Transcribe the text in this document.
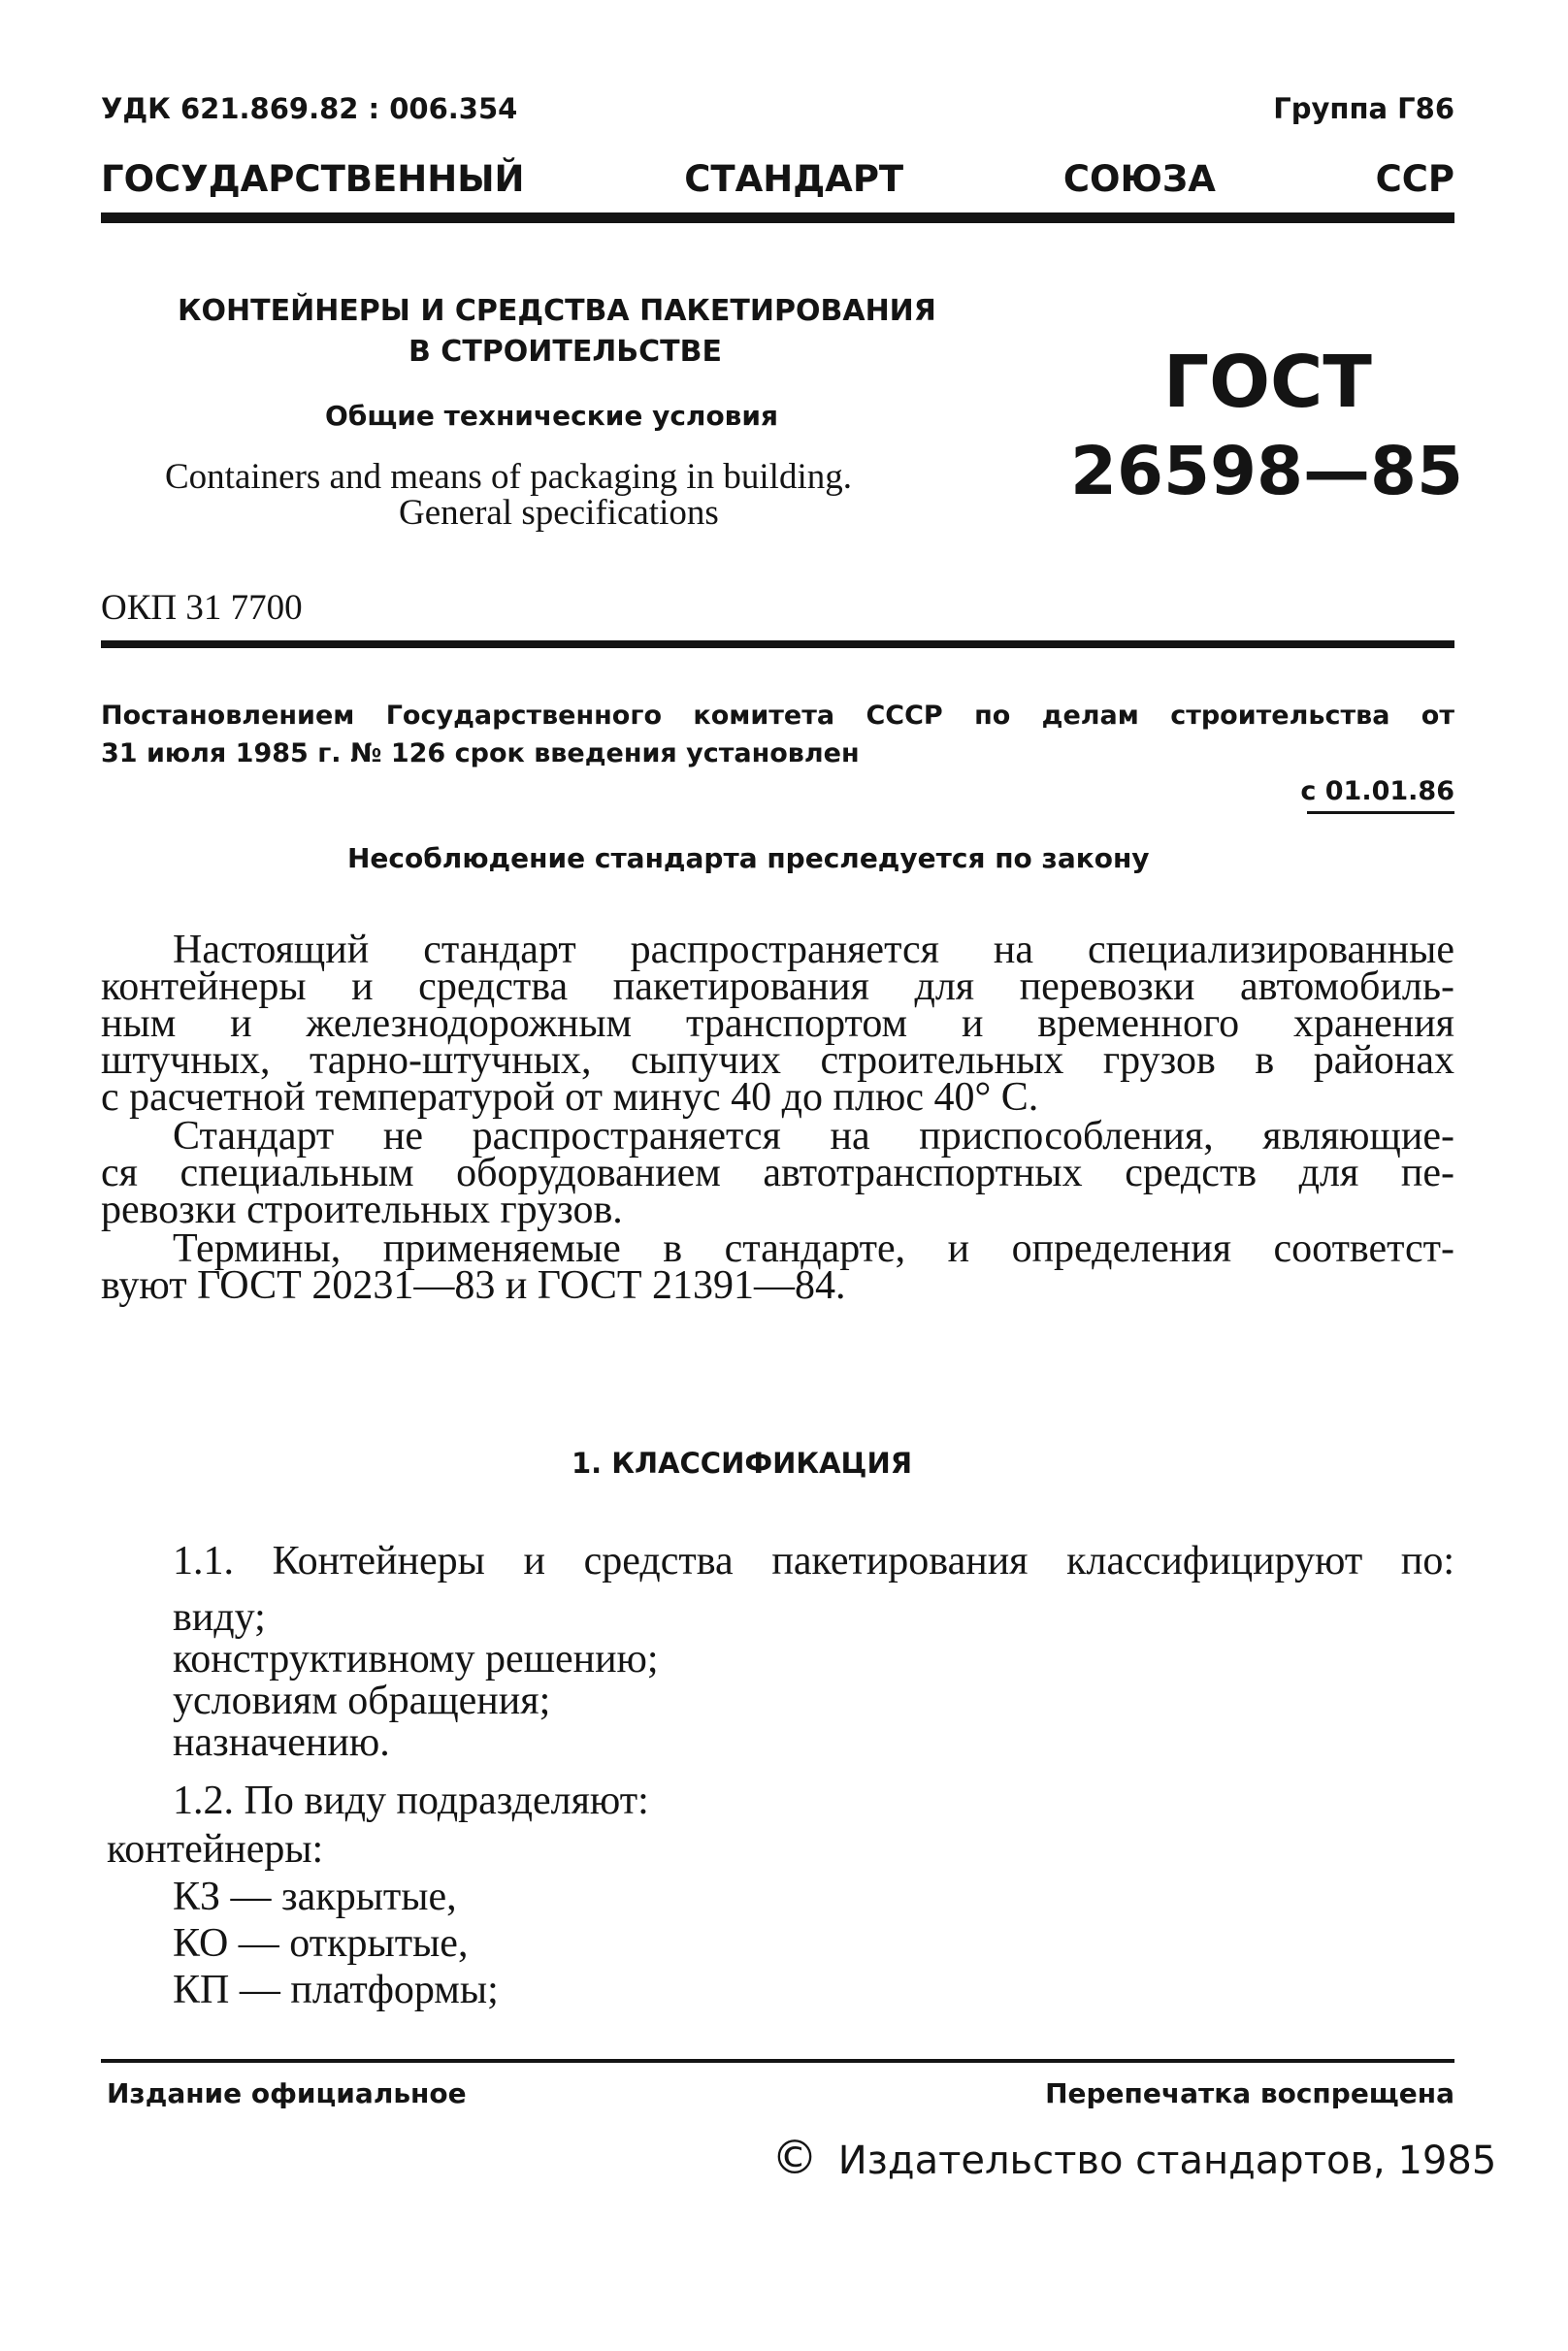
УДК 621.869.82 : 006.354	Группа Г86
ГОСУДАРСТВЕННЫЙ СТАНДАРТ СОЮЗА ССР
КОНТЕЙНЕРЫ И СРЕДСТВА ПАКЕТИРОВАНИЯ
В СТРОИТЕЛЬСТВЕ
Общие технические условия
Containers and means of packaging in building.
General specifications
ГОСТ
26598—85
ОКП 31 7700
Постановлением Государственного комитета СССР по делам строительства от
31 июля 1985 г. № 126 срок введения установлен
с 01.01.86
Несоблюдение стандарта преследуется по закону
Настоящий стандарт распространяется на специализированные
контейнеры и средства пакетирования для перевозки автомобиль-
ным и железнодорожным транспортом и временного хранения
штучных, тарно-штучных, сыпучих строительных грузов в районах
с расчетной температурой от минус 40 до плюс 40° С.
Стандарт не распространяется на приспособления, являющие-
ся специальным оборудованием автотранспортных средств для пе-
ревозки строительных грузов.
Термины, применяемые в стандарте, и определения соответст-
вуют ГОСТ 20231—83 и ГОСТ 21391—84.
1. КЛАССИФИКАЦИЯ
1.1. Контейнеры и средства пакетирования классифицируют по:
виду;
конструктивному решению;
условиям обращения;
назначению.
1.2. По виду подразделяют:
контейнеры:
КЗ — закрытые,
КО — открытые,
КП — платформы;
Издание официальное	Перепечатка воспрещена
© Издательство стандартов, 1985
